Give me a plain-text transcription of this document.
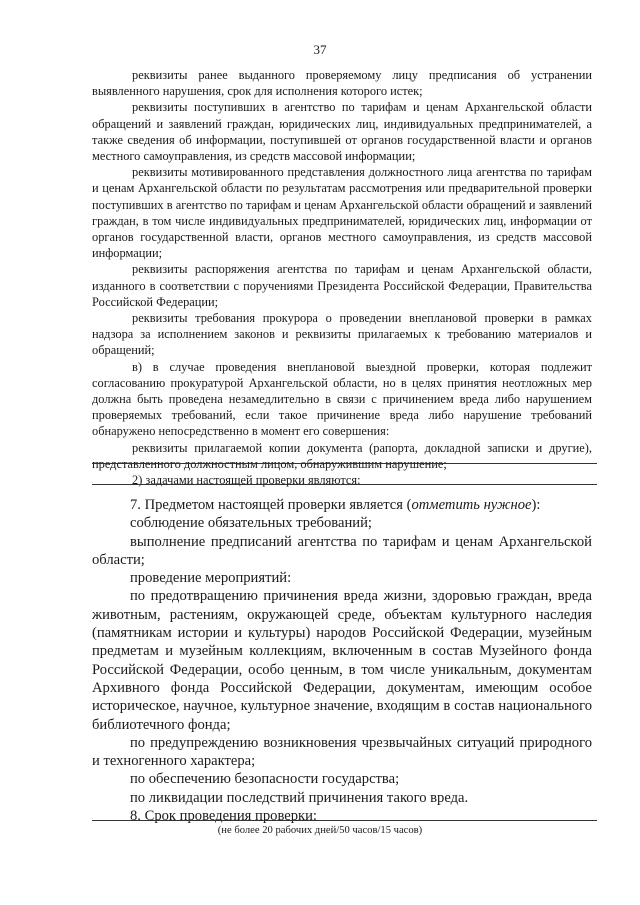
37

реквизиты ранее выданного проверяемому лицу предписания об устранении выявленного нарушения, срок для исполнения которого истек;

реквизиты поступивших в агентство по тарифам и ценам Архангельской области обращений и заявлений граждан, юридических лиц, индивидуальных предпринимателей, а также сведения об информации, поступившей от органов государственной власти и органов местного самоуправления, из средств массовой информации;

реквизиты мотивированного представления должностного лица агентства по тарифам и ценам Архангельской области по результатам рассмотрения или предварительной проверки поступивших в агентство по тарифам и ценам Архангельской области обращений и заявлений граждан, в том числе индивидуальных предпринимателей, юридических лиц, информации от органов государственной власти, органов местного самоуправления, из средств массовой информации;

реквизиты распоряжения агентства по тарифам и ценам Архангельской области, изданного в соответствии с поручениями Президента Российской Федерации, Правительства Российской Федерации;

реквизиты требования прокурора о проведении внеплановой проверки в рамках надзора за исполнением законов и реквизиты прилагаемых к требованию материалов и обращений;

в) в случае проведения внеплановой выездной проверки, которая подлежит согласованию прокуратурой Архангельской области, но в целях принятия неотложных мер должна быть проведена незамедлительно в связи с причинением вреда либо нарушением проверяемых требований, если такое причинение вреда либо нарушение требований обнаружено непосредственно в момент его совершения:

реквизиты прилагаемой копии документа (рапорта, докладной записки и другие), представленного должностным лицом, обнаружившим нарушение;

2) задачами настоящей проверки являются:

7. Предметом настоящей проверки является (отметить нужное):

соблюдение обязательных требований;

выполнение предписаний агентства по тарифам и ценам Архангельской области;

проведение мероприятий:

по предотвращению причинения вреда жизни, здоровью граждан, вреда животным, растениям, окружающей среде, объектам культурного наследия (памятникам истории и культуры) народов Российской Федерации, музейным предметам и музейным коллекциям, включенным в состав Музейного фонда Российской Федерации, особо ценным, в том числе уникальным, документам Архивного фонда Российской Федерации, документам, имеющим особое историческое, научное, культурное значение, входящим в состав национального библиотечного фонда;

по предупреждению возникновения чрезвычайных ситуаций природного и техногенного характера;

по обеспечению безопасности государства;

по ликвидации последствий причинения такого вреда.

8. Срок проведения проверки:

(не более 20 рабочих дней/50 часов/15 часов)
